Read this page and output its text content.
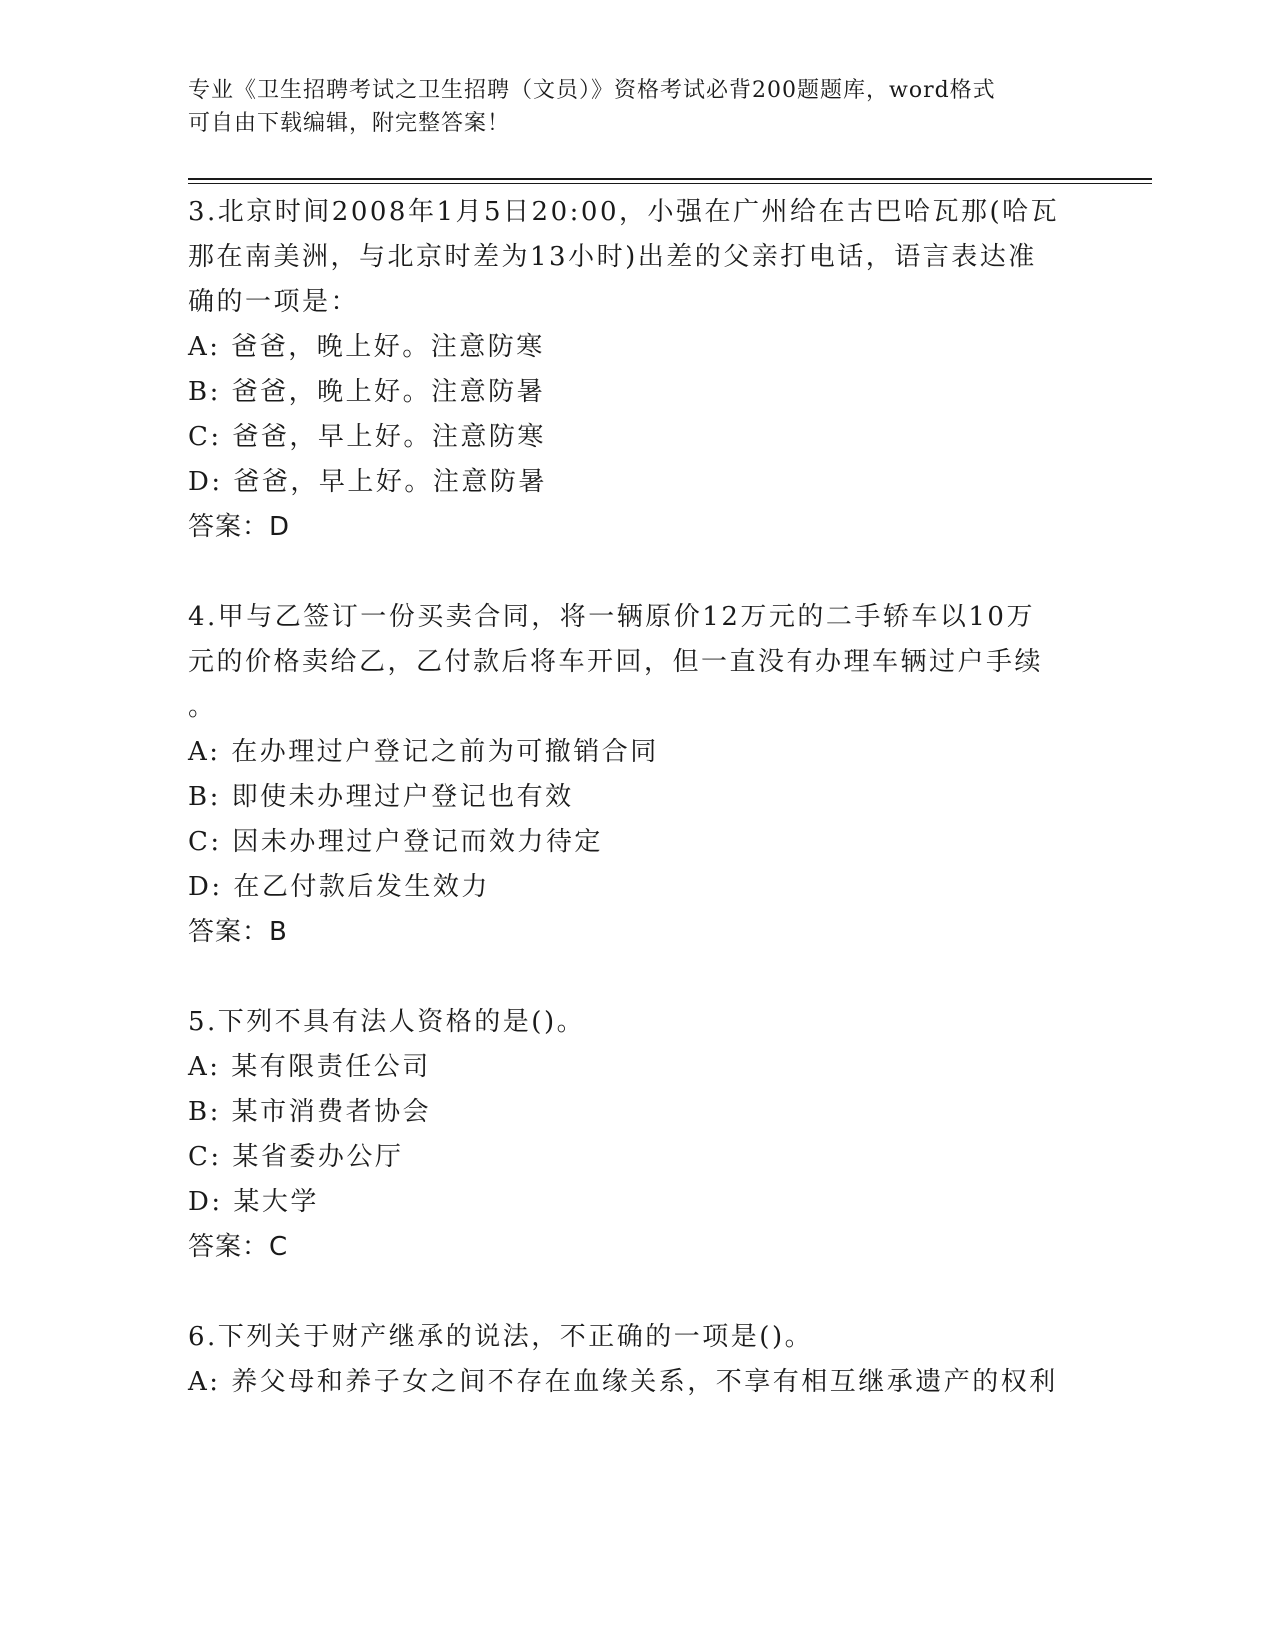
专业《卫生招聘考试之卫生招聘（文员）》资格考试必背200题题库，word格式
可自由下载编辑，附完整答案！

3.北京时间2008年1月5日20:00，小强在广州给在古巴哈瓦那(哈瓦

那在南美洲，与北京时差为13小时)出差的父亲打电话，语言表达准

确的一项是：

A: 爸爸，晚上好。注意防寒

B: 爸爸，晚上好。注意防暑

C: 爸爸，早上好。注意防寒

D: 爸爸，早上好。注意防暑

答案：D

4.甲与乙签订一份买卖合同，将一辆原价12万元的二手轿车以10万

元的价格卖给乙，乙付款后将车开回，但一直没有办理车辆过户手续

。

A: 在办理过户登记之前为可撤销合同

B: 即使未办理过户登记也有效

C: 因未办理过户登记而效力待定

D: 在乙付款后发生效力

答案：B

5.下列不具有法人资格的是()。

A: 某有限责任公司

B: 某市消费者协会

C: 某省委办公厅

D: 某大学

答案：C

6.下列关于财产继承的说法，不正确的一项是()。

A: 养父母和养子女之间不存在血缘关系，不享有相互继承遗产的权利
